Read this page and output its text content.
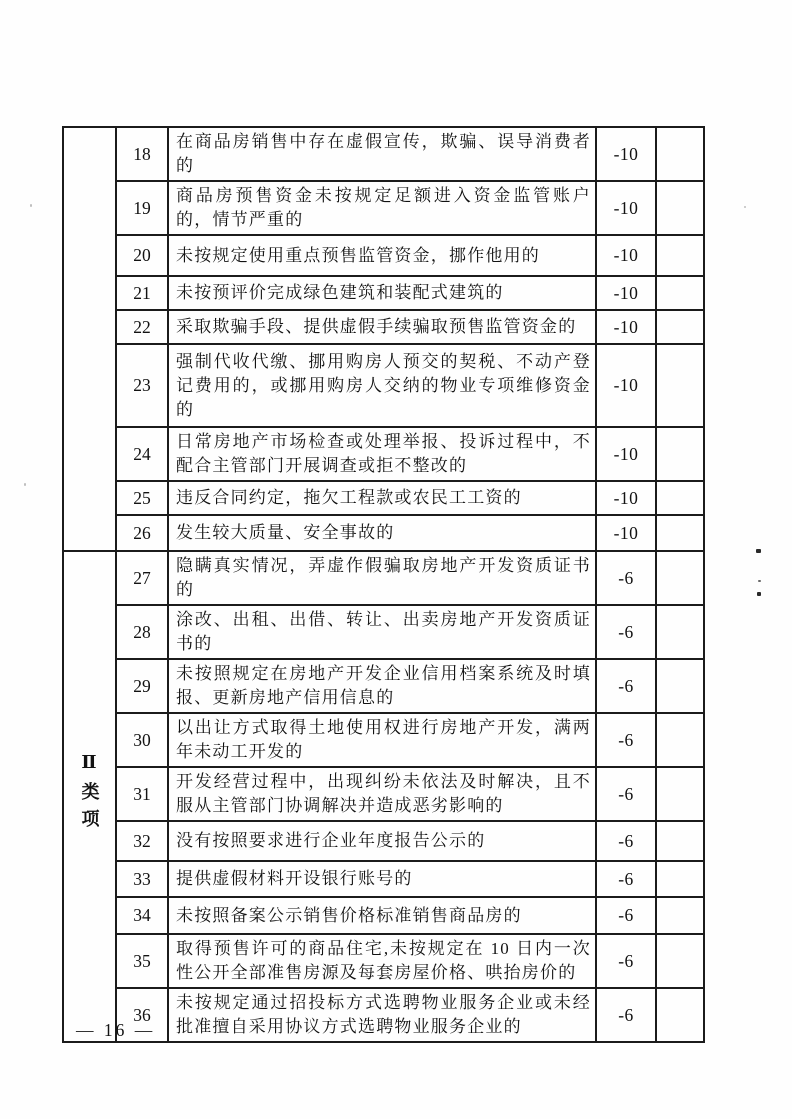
	18	在商品房销售中存在虚假宣传，欺骗、误导消费者的	-10	
	19	商品房预售资金未按规定足额进入资金监管账户的，情节严重的	-10	
	20	未按规定使用重点预售监管资金，挪作他用的	-10	
	21	未按预评价完成绿色建筑和装配式建筑的	-10	
	22	采取欺骗手段、提供虚假手续骗取预售监管资金的	-10	
	23	强制代收代缴、挪用购房人预交的契税、不动产登记费用的，或挪用购房人交纳的物业专项维修资金的	-10	
	24	日常房地产市场检查或处理举报、投诉过程中，不配合主管部门开展调查或拒不整改的	-10	
	25	违反合同约定，拖欠工程款或农民工工资的	-10	
	26	发生较大质量、安全事故的	-10	
Ⅱ类项	27	隐瞒真实情况，弄虚作假骗取房地产开发资质证书的	-6	
	28	涂改、出租、出借、转让、出卖房地产开发资质证书的	-6	
	29	未按照规定在房地产开发企业信用档案系统及时填报、更新房地产信用信息的	-6	
	30	以出让方式取得土地使用权进行房地产开发，满两年未动工开发的	-6	
	31	开发经营过程中，出现纠纷未依法及时解决，且不服从主管部门协调解决并造成恶劣影响的	-6	
	32	没有按照要求进行企业年度报告公示的	-6	
	33	提供虚假材料开设银行账号的	-6	
	34	未按照备案公示销售价格标准销售商品房的	-6	
	35	取得预售许可的商品住宅,未按规定在 10 日内一次性公开全部准售房源及每套房屋价格、哄抬房价的	-6	
	36	未按规定通过招投标方式选聘物业服务企业或未经批准擅自采用协议方式选聘物业服务企业的	-6	
— 16 —
